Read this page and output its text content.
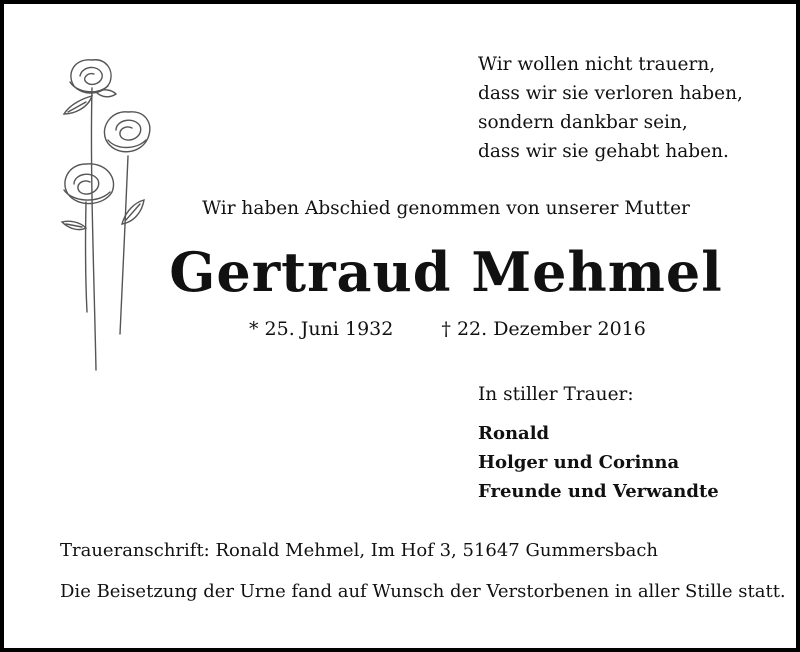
Wir wollen nicht trauern,
dass wir sie verloren haben,
sondern dankbar sein,
dass wir sie gehabt haben.
Wir haben Abschied genommen von unserer Mutter
Gertraud Mehmel
* 25. Juni 1932	† 22. Dezember 2016
In stiller Trauer:
Ronald
Holger und Corinna
Freunde und Verwandte
Traueranschrift: Ronald Mehmel, Im Hof 3, 51647 Gummersbach
Die Beisetzung der Urne fand auf Wunsch der Verstorbenen in aller Stille statt.
